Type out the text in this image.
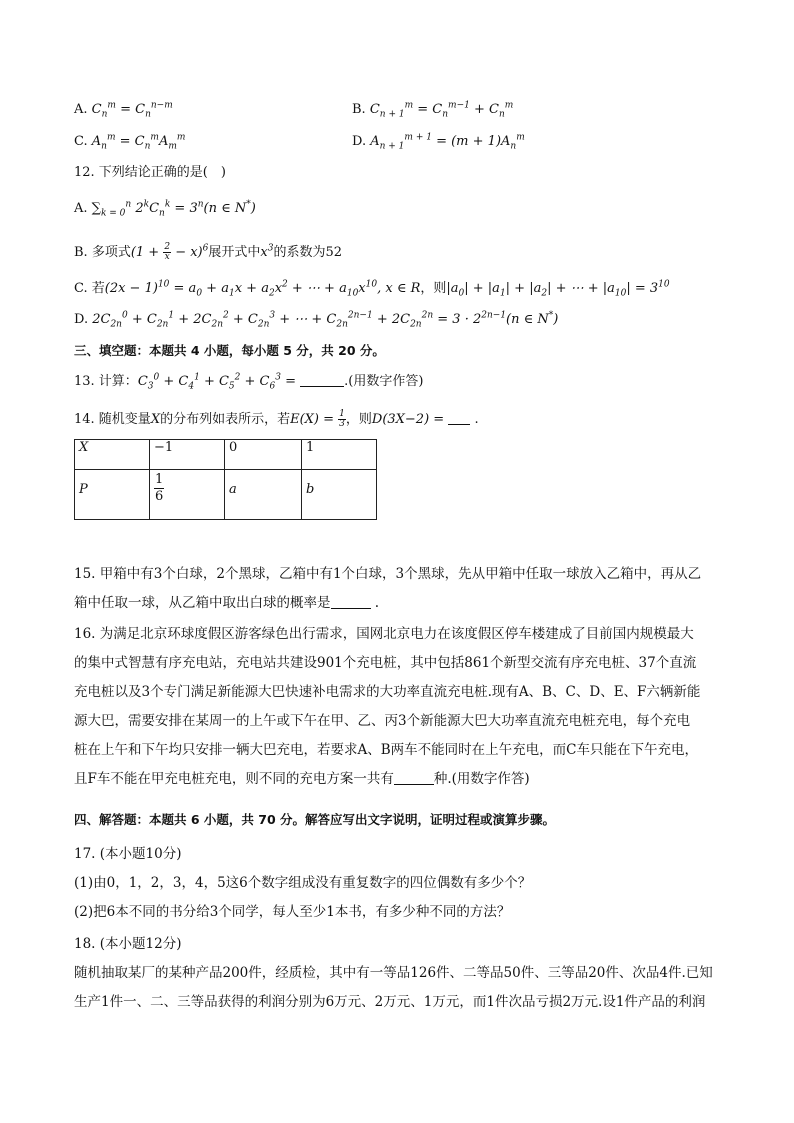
A. $C_n^m = C_n^{n-m}$	B. $C_{n + 1}^m = C_n^{m-1} + C_n^m$
C. $A_n^m = C_n^mA_m^m$	D. $A_{n + 1}^{m + 1} = (m + 1)A_n^m$
12. 下列结论正确的是(　)
A. $\sum_{k = 0}^n$ $2^kC_n^k = 3^n(n$ ∈ N*)
B. 多项式$(1 + \frac{2}{x} - x)^6$展开式中$x^3$的系数为52
C. 若$(2x - 1)^{10} = a_0 + a_1x + a_2x^2$ + ⋯ + $a_{10}x^{10}$, x ∈ R，则$|a_0| + |a_1| + |a_2|$ + ⋯ + $|a_{10}| = 3^{10}$
D. $2C_{2n}^0 + C_{2n}^1 + 2C_{2n}^2 + C_{2n}^3$ + ⋯ + $C_{2n}^{2n-1} + 2C_{2n}^{2n} = 3 \cdot 2^{2n-1}(n$ ∈ N*)
三、填空题：本题共 4 小题，每小题 5 分，共 20 分。
13. 计算：$C_3^0 + C_4^1 + C_5^2 + C_6^3$ =	.(用数字作答)
14. 随机变量X的分布列如表所示，若$E(X) = \frac{1}{3}$ ，则D(3X−2) =  .
X	−1	0	1
P	$\frac{1}{6}$	a	b
15. 甲箱中有3个白球，2个黑球，乙箱中有1个白球，3个黑球，先从甲箱中任取一球放入乙箱中，再从乙
箱中任取一球，从乙箱中取出白球的概率是	.
16. 为满足北京环球度假区游客绿色出行需求，国网北京电力在该度假区停车楼建成了目前国内规模最大
的集中式智慧有序充电站，充电站共建设901个充电桩，其中包括861个新型交流有序充电桩、37个直流
充电桩以及3个专门满足新能源大巴快速补电需求的大功率直流充电桩.现有A、B、C、D、E、F六辆新能
源大巴，需要安排在某周一的上午或下午在甲、乙、丙3个新能源大巴大功率直流充电桩充电，每个充电
桩在上午和下午均只安排一辆大巴充电，若要求A、B两车不能同时在上午充电，而C车只能在下午充电，
且F车不能在甲充电桩充电，则不同的充电方案一共有	种.(用数字作答)
四、解答题：本题共 6 小题，共 70 分。解答应写出文字说明，证明过程或演算步骤。
17. (本小题10分)
(1)由0，1，2，3，4，5这6个数字组成没有重复数字的四位偶数有多少个？
(2)把6本不同的书分给3个同学，每人至少1本书，有多少种不同的方法？
18. (本小题12分)
随机抽取某厂的某种产品200件，经质检，其中有一等品126件、二等品50件、三等品20件、次品4件.已知
生产1件一、二、三等品获得的利润分别为6万元、2万元、1万元，而1件次品亏损2万元.设1件产品的利润
